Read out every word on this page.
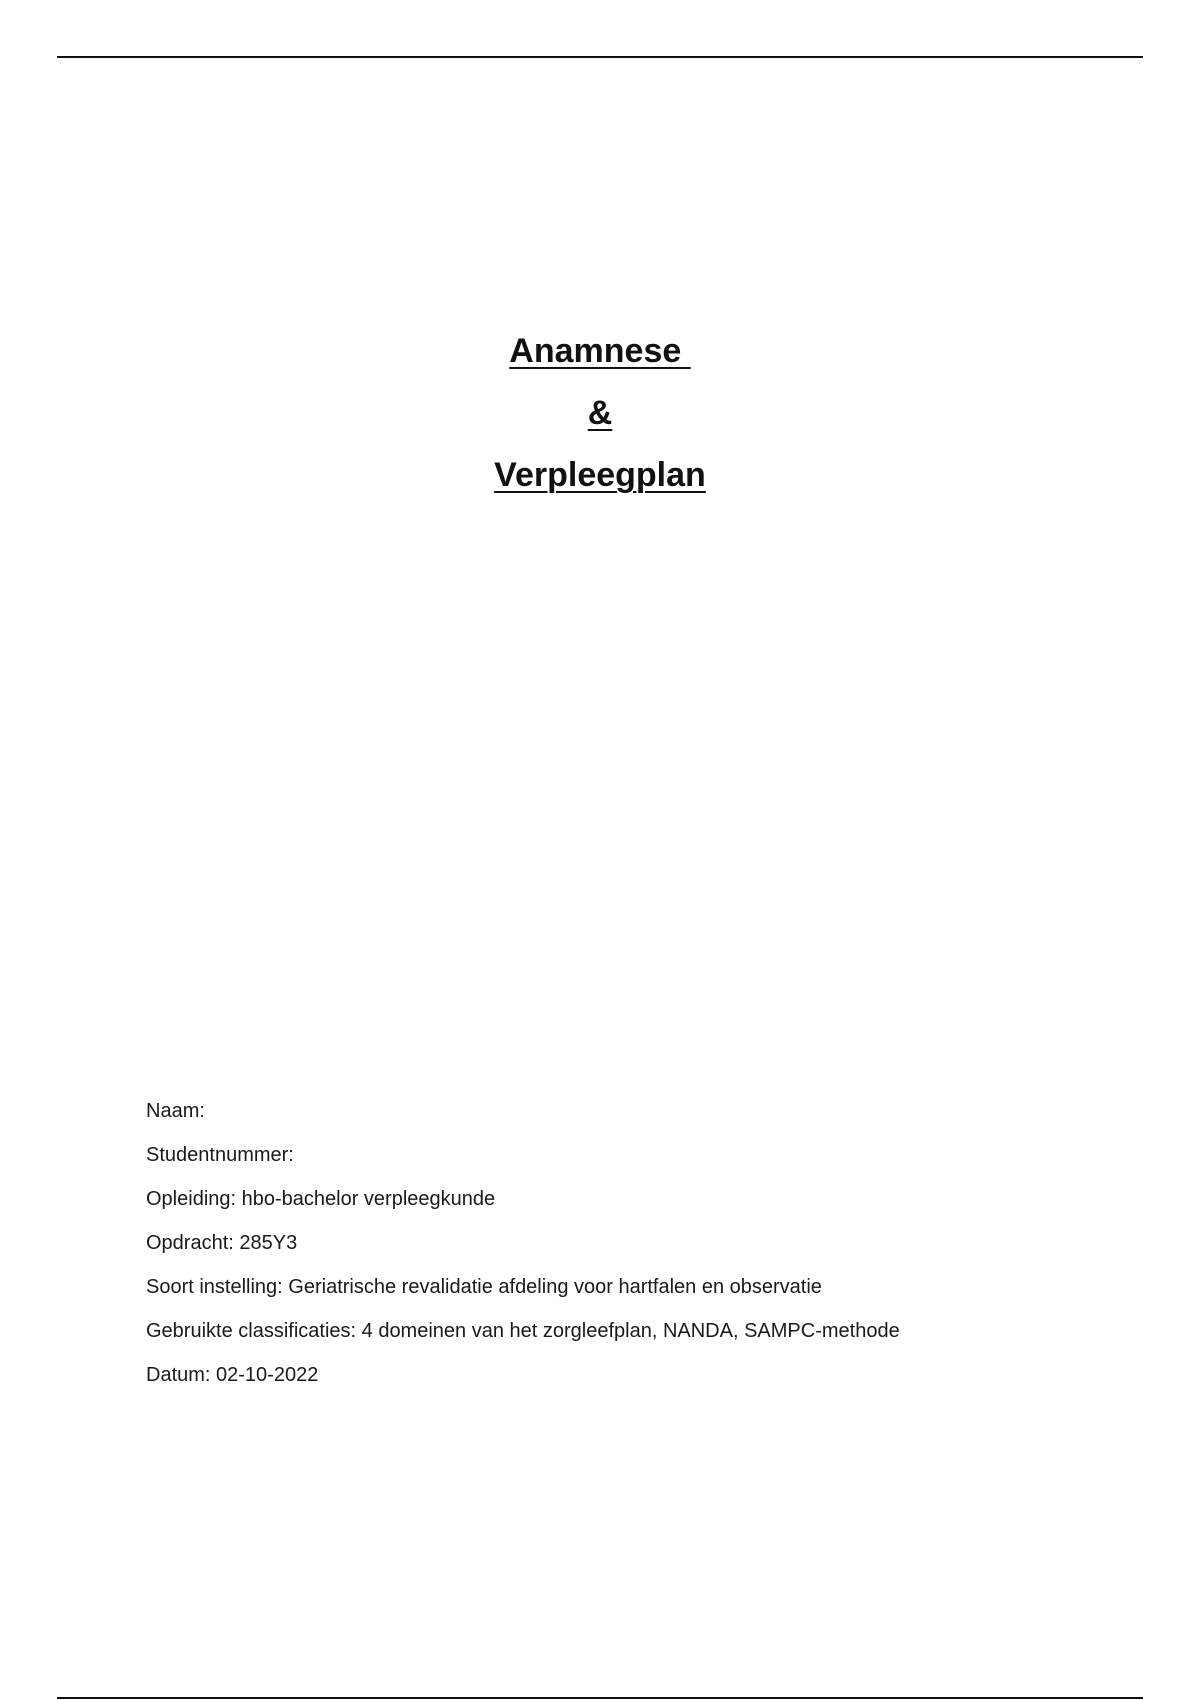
Anamnese
&
Verpleegplan
Naam:
Studentnummer:
Opleiding: hbo-bachelor verpleegkunde
Opdracht: 285Y3
Soort instelling: Geriatrische revalidatie afdeling voor hartfalen en observatie
Gebruikte classificaties: 4 domeinen van het zorgleefplan, NANDA, SAMPC-methode
Datum: 02-10-2022
